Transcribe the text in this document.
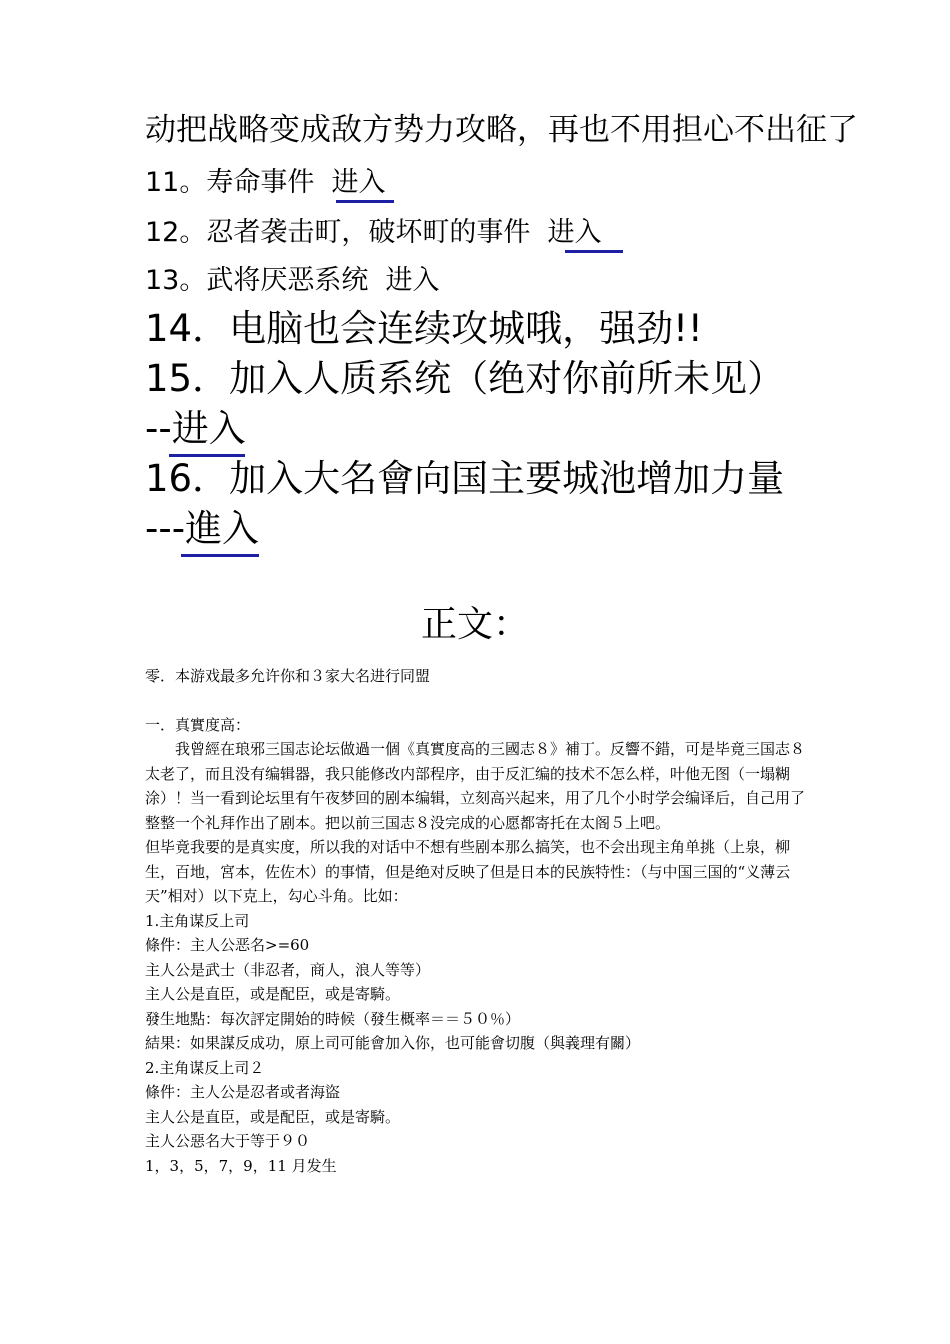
动把战略变成敌方势力攻略，再也不用担心不出征了
11。寿命事件 进入
12。忍者袭击町，破坏町的事件 进入
13。武将厌恶系统 进入
14．电脑也会连续攻城哦，强劲!!
15．加入人质系统（绝对你前所未见）
--进入
16．加入大名會向国主要城池增加力量
---進入
正文：

零．本游戏最多允许你和３家大名进行同盟

一．真實度高：

我曾經在琅邪三国志论坛做過一個《真實度高的三國志８》補丁。反響不錯，可是毕竟三国志８太老了，而且没有编辑器，我只能修改内部程序，由于反汇编的技术不怎么样，叶他无图（一塌糊涂）！当一看到论坛里有午夜梦回的剧本编辑，立刻高兴起来，用了几个小时学会编译后，自己用了整整一个礼拜作出了剧本。把以前三国志８没完成的心愿都寄托在太阁５上吧。

但毕竟我要的是真实度，所以我的对话中不想有些剧本那么搞笑，也不会出现主角单挑（上泉，柳生，百地，宮本，佐佐木）的事情，但是绝对反映了但是日本的民族特性：（与中国三国的“义薄云天”相对）以下克上，勾心斗角。比如：

1.主角谋反上司

條件：主人公恶名>=60

主人公是武士（非忍者，商人，浪人等等）

主人公是直臣，或是配臣，或是寄騎。

發生地點：每次評定開始的時候（發生概率＝＝５０％）

結果：如果謀反成功，原上司可能會加入你，也可能會切腹（與義理有關）

2.主角谋反上司２

條件：主人公是忍者或者海盜

主人公是直臣，或是配臣，或是寄騎。

主人公惡名大于等于９０

1，3，5，7，9，11 月发生
